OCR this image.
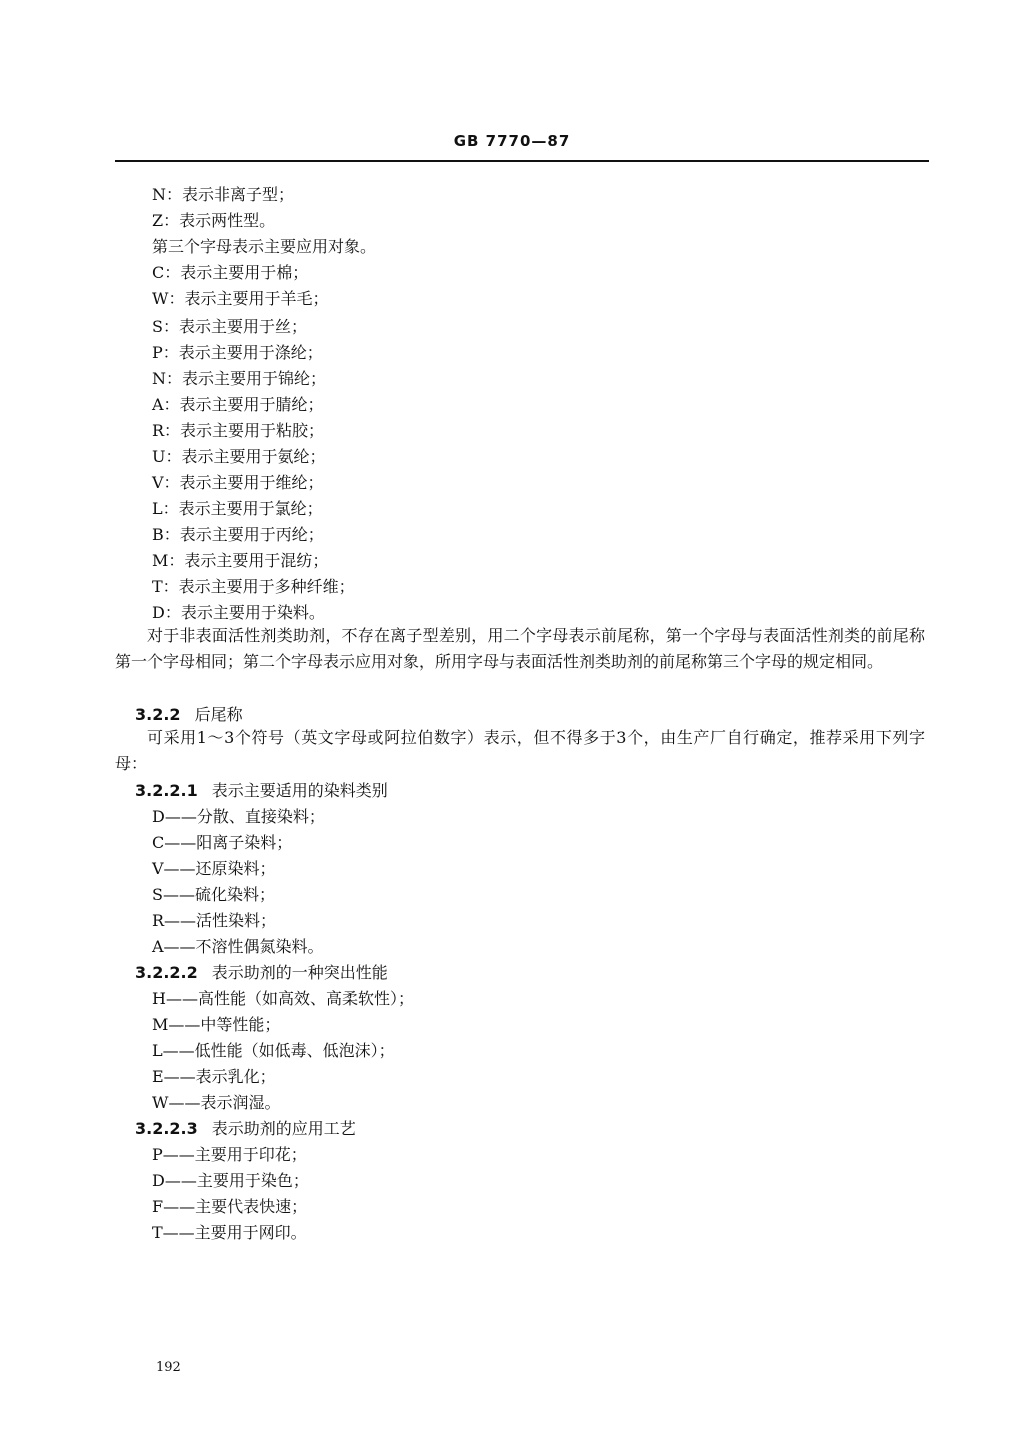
GB 7770—87
N：表示非离子型；
Z：表示两性型。
第三个字母表示主要应用对象。
C：表示主要用于棉；
W：表示主要用于羊毛；
S：表示主要用于丝；
P：表示主要用于涤纶；
N：表示主要用于锦纶；
A：表示主要用于腈纶；
R：表示主要用于粘胶；
U：表示主要用于氨纶；
V：表示主要用于维纶；
L：表示主要用于氯纶；
B：表示主要用于丙纶；
M：表示主要用于混纺；
T：表示主要用于多种纤维；
D：表示主要用于染料。
对于非表面活性剂类助剂，不存在离子型差别，用二个字母表示前尾称，第一个字母与表面活性剂类的前尾称第一个字母相同；第二个字母表示应用对象，所用字母与表面活性剂类助剂的前尾称第三个字母的规定相同。
3.2.2 后尾称
可采用1～3个符号（英文字母或阿拉伯数字）表示，但不得多于3个，由生产厂自行确定，推荐采用下列字母：
3.2.2.1 表示主要适用的染料类别
D——分散、直接染料；
C——阳离子染料；
V——还原染料；
S——硫化染料；
R——活性染料；
A——不溶性偶氮染料。
3.2.2.2 表示助剂的一种突出性能
H——高性能（如高效、高柔软性）；
M——中等性能；
L——低性能（如低毒、低泡沫）；
E——表示乳化；
W——表示润湿。
3.2.2.3 表示助剂的应用工艺
P——主要用于印花；
D——主要用于染色；
F——主要代表快速；
T——主要用于网印。
192
